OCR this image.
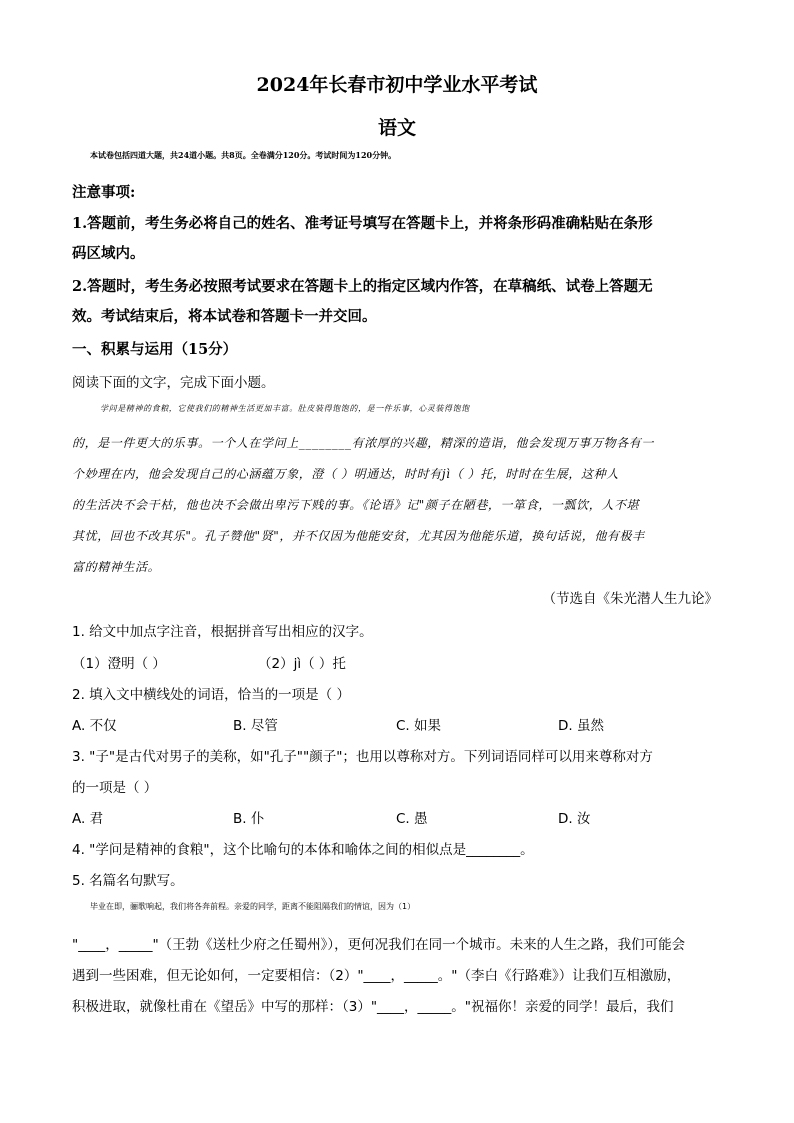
2024年长春市初中学业水平考试
语文
本试卷包括四道大题，共24道小题。共8页。全卷满分120分。考试时间为120分钟。
注意事项:
1.答题前，考生务必将自己的姓名、准考证号填写在答题卡上，并将条形码准确粘贴在条形
码区域内。
2.答题时，考生务必按照考试要求在答题卡上的指定区域内作答，在草稿纸、试卷上答题无
效。考试结束后，将本试卷和答题卡一并交回。
一、积累与运用（15分）
阅读下面的文字，完成下面小题。
学问是精神的食粮，它使我们的精神生活更加丰富。肚皮装得饱饱的，是一件乐事，心灵装得饱饱
的，是一件更大的乐事。一个人在学问上________有浓厚的兴趣，精深的造诣，他会发现万事万物各有一
个妙理在内，他会发现自己的心涵蕴万象，澄（ ）明通达，时时有jì（ ）托，时时在生展，这种人
的生活决不会干枯，他也决不会做出卑污下贱的事。《论语》记"颜子在陋巷，一箪食，一瓢饮，人不堪
其忧，回也不改其乐"。孔子赞他"贤"，并不仅因为他能安贫，尤其因为他能乐道，换句话说，他有极丰
富的精神生活。
（节选自《朱光潜人生九论》
1. 给文中加点字注音，根据拼音写出相应的汉字。
（1）澄明（ ）	（2）jì（ ）托
2. 填入文中横线处的词语，恰当的一项是（ ）
A. 不仅	B. 尽管	C. 如果	D. 虽然
3. "子"是古代对男子的美称，如"孔子""颜子"；也用以尊称对方。下列词语同样可以用来尊称对方
的一项是（ ）
A. 君	B. 仆	C. 愚	D. 汝
4. "学问是精神的食粮"，这个比喻句的本体和喻体之间的相似点是________。
5. 名篇名句默写。
毕业在即，骊歌响起，我们将各奔前程。亲爱的同学，距离不能阻隔我们的情谊，因为（1）
"____，_____"（王勃《送杜少府之任蜀州》），更何况我们在同一个城市。未来的人生之路，我们可能会
遇到一些困难，但无论如何，一定要相信：（2）"____，_____。"（李白《行路难》）让我们互相激励，
积极进取，就像杜甫在《望岳》中写的那样：（3）"____，_____。"祝福你！亲爱的同学！最后，我们
